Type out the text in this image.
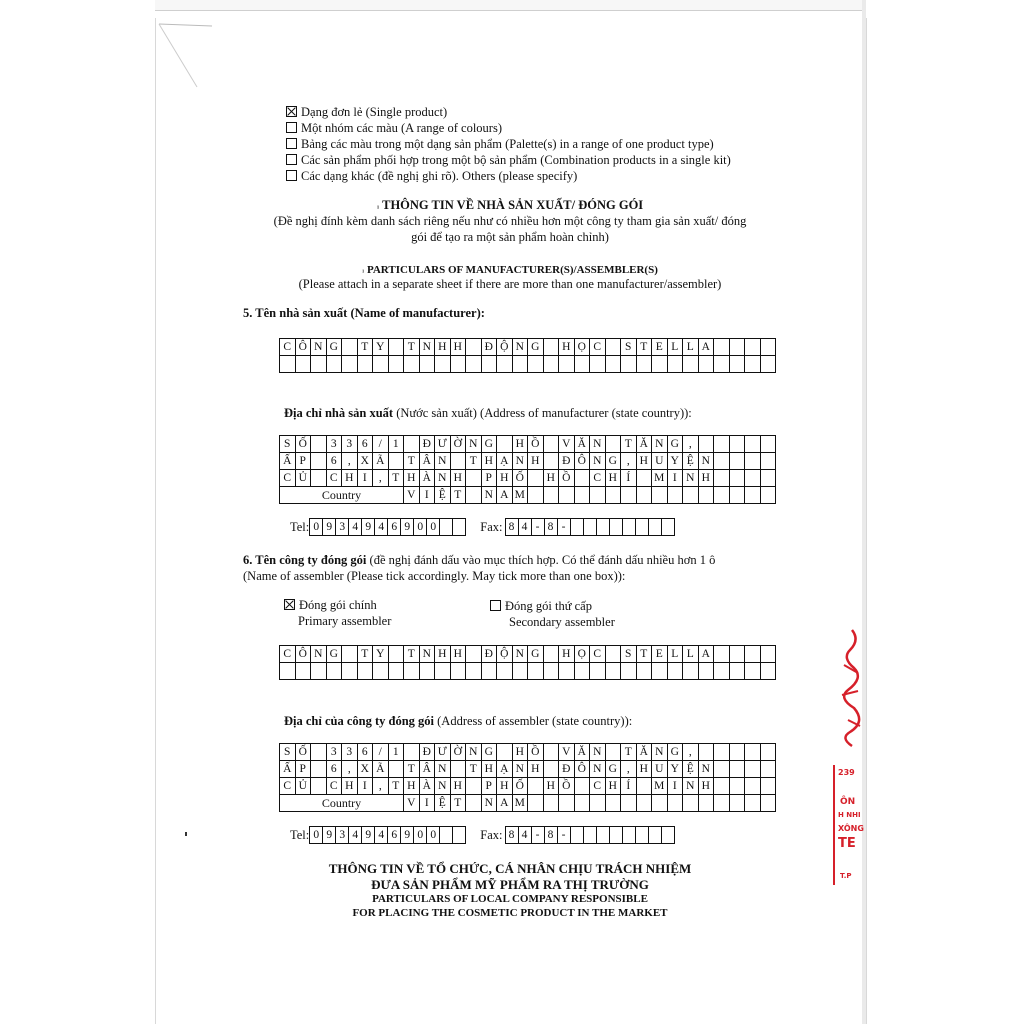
Dạng đơn lẻ (Single product)
Một nhóm các màu (A range of colours)
Bảng các màu trong một dạng sản phẩm (Palette(s) in a range of one product type)
Các sản phẩm phối hợp trong một bộ sản phẩm (Combination products in a single kit)
Các dạng khác (đề nghị ghi rõ). Others (please specify)
₁ THÔNG TIN VỀ NHÀ SẢN XUẤT/ ĐÓNG GÓI
(Đề nghị đính kèm danh sách riêng nếu như có nhiều hơn một công ty tham gia sản xuất/ đóng
gói để tạo ra một sản phẩm hoàn chỉnh)
₁ PARTICULARS OF MANUFACTURER(S)/ASSEMBLER(S)
(Please attach in a separate sheet if there are more than one manufacturer/assembler)
5. Tên nhà sản xuất (Name of manufacturer):
C	Ô	N	G		T	Y		T	N	H	H		Đ	Ộ	N	G		H	Ọ	C		S	T	E	L	L	A				

Địa chỉ nhà sản xuất (Nước sản xuất) (Address of manufacturer (state country)):
S	Ố		3	3	6	/	1		Đ	Ư	Ờ	N	G		H	Ồ		V	Ă	N		T	Ă	N	G	,					
Ấ	P		6	,	X	Ã		T	Â	N		T	H	Ạ	N	H		Đ	Ô	N	G	,	H	U	Y	Ệ	N				
C	Ủ		C	H	I	,	T	H	À	N	H		P	H	Ố		H	Ồ		C	H	Í		M	I	N	H				
Country								V	I	Ệ	T		N	A	M																
Tel: 0 9 3 4 9 4 6 9 0 0	Fax: 8 4 - 8 -
6. Tên công ty đóng gói (đề nghị đánh dấu vào mục thích hợp. Có thể đánh dấu nhiều hơn 1 ô
(Name of assembler (Please tick accordingly. May tick more than one box)):
Đóng gói chính
Primary assembler
Đóng gói thứ cấp
Secondary assembler
C	Ô	N	G		T	Y		T	N	H	H		Đ	Ộ	N	G		H	Ọ	C		S	T	E	L	L	A				

Địa chỉ của công ty đóng gói (Address of assembler (state country)):
S	Ố		3	3	6	/	1		Đ	Ư	Ờ	N	G		H	Ồ		V	Ă	N		T	Ă	N	G	,					
Ấ	P		6	,	X	Ã		T	Â	N		T	H	Ạ	N	H		Đ	Ô	N	G	,	H	U	Y	Ệ	N				
C	Ủ		C	H	I	,	T	H	À	N	H		P	H	Ố		H	Ồ		C	H	Í		M	I	N	H				
Country								V	I	Ệ	T		N	A	M																
Tel: 0 9 3 4 9 4 6 9 0 0	Fax: 8 4 - 8 -
THÔNG TIN VỀ TỔ CHỨC, CÁ NHÂN CHỊU TRÁCH NHIỆM
ĐƯA SẢN PHẨM MỸ PHẨM RA THỊ TRƯỜNG
PARTICULARS OF LOCAL COMPANY RESPONSIBLE
FOR PLACING THE COSMETIC PRODUCT IN THE MARKET
239
ÔN
H NHI
XÔNG
TE
T.P
